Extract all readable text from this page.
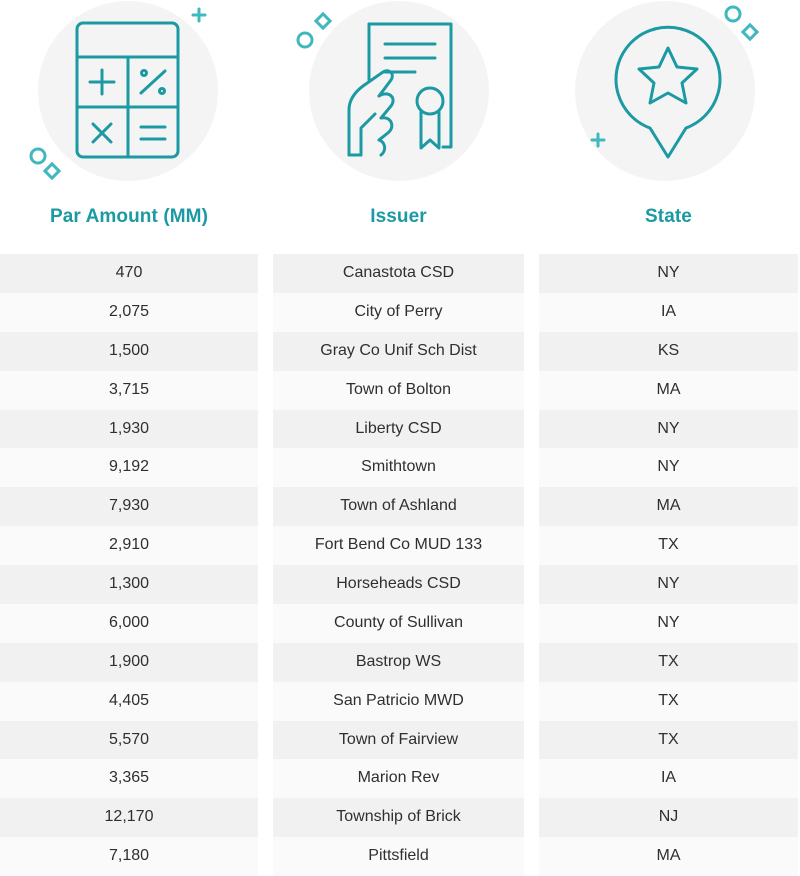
Par Amount (MM)
470
2,075
1,500
3,715
1,930
9,192
7,930
2,910
1,300
6,000
1,900
4,405
5,570
3,365
12,170
7,180
Issuer
Canastota CSD
City of Perry
Gray Co Unif Sch Dist
Town of Bolton
Liberty CSD
Smithtown
Town of Ashland
Fort Bend Co MUD 133
Horseheads CSD
County of Sullivan
Bastrop WS
San Patricio MWD
Town of Fairview
Marion Rev
Township of Brick
Pittsfield
State
NY
IA
KS
MA
NY
NY
MA
TX
NY
NY
TX
TX
TX
IA
NJ
MA
